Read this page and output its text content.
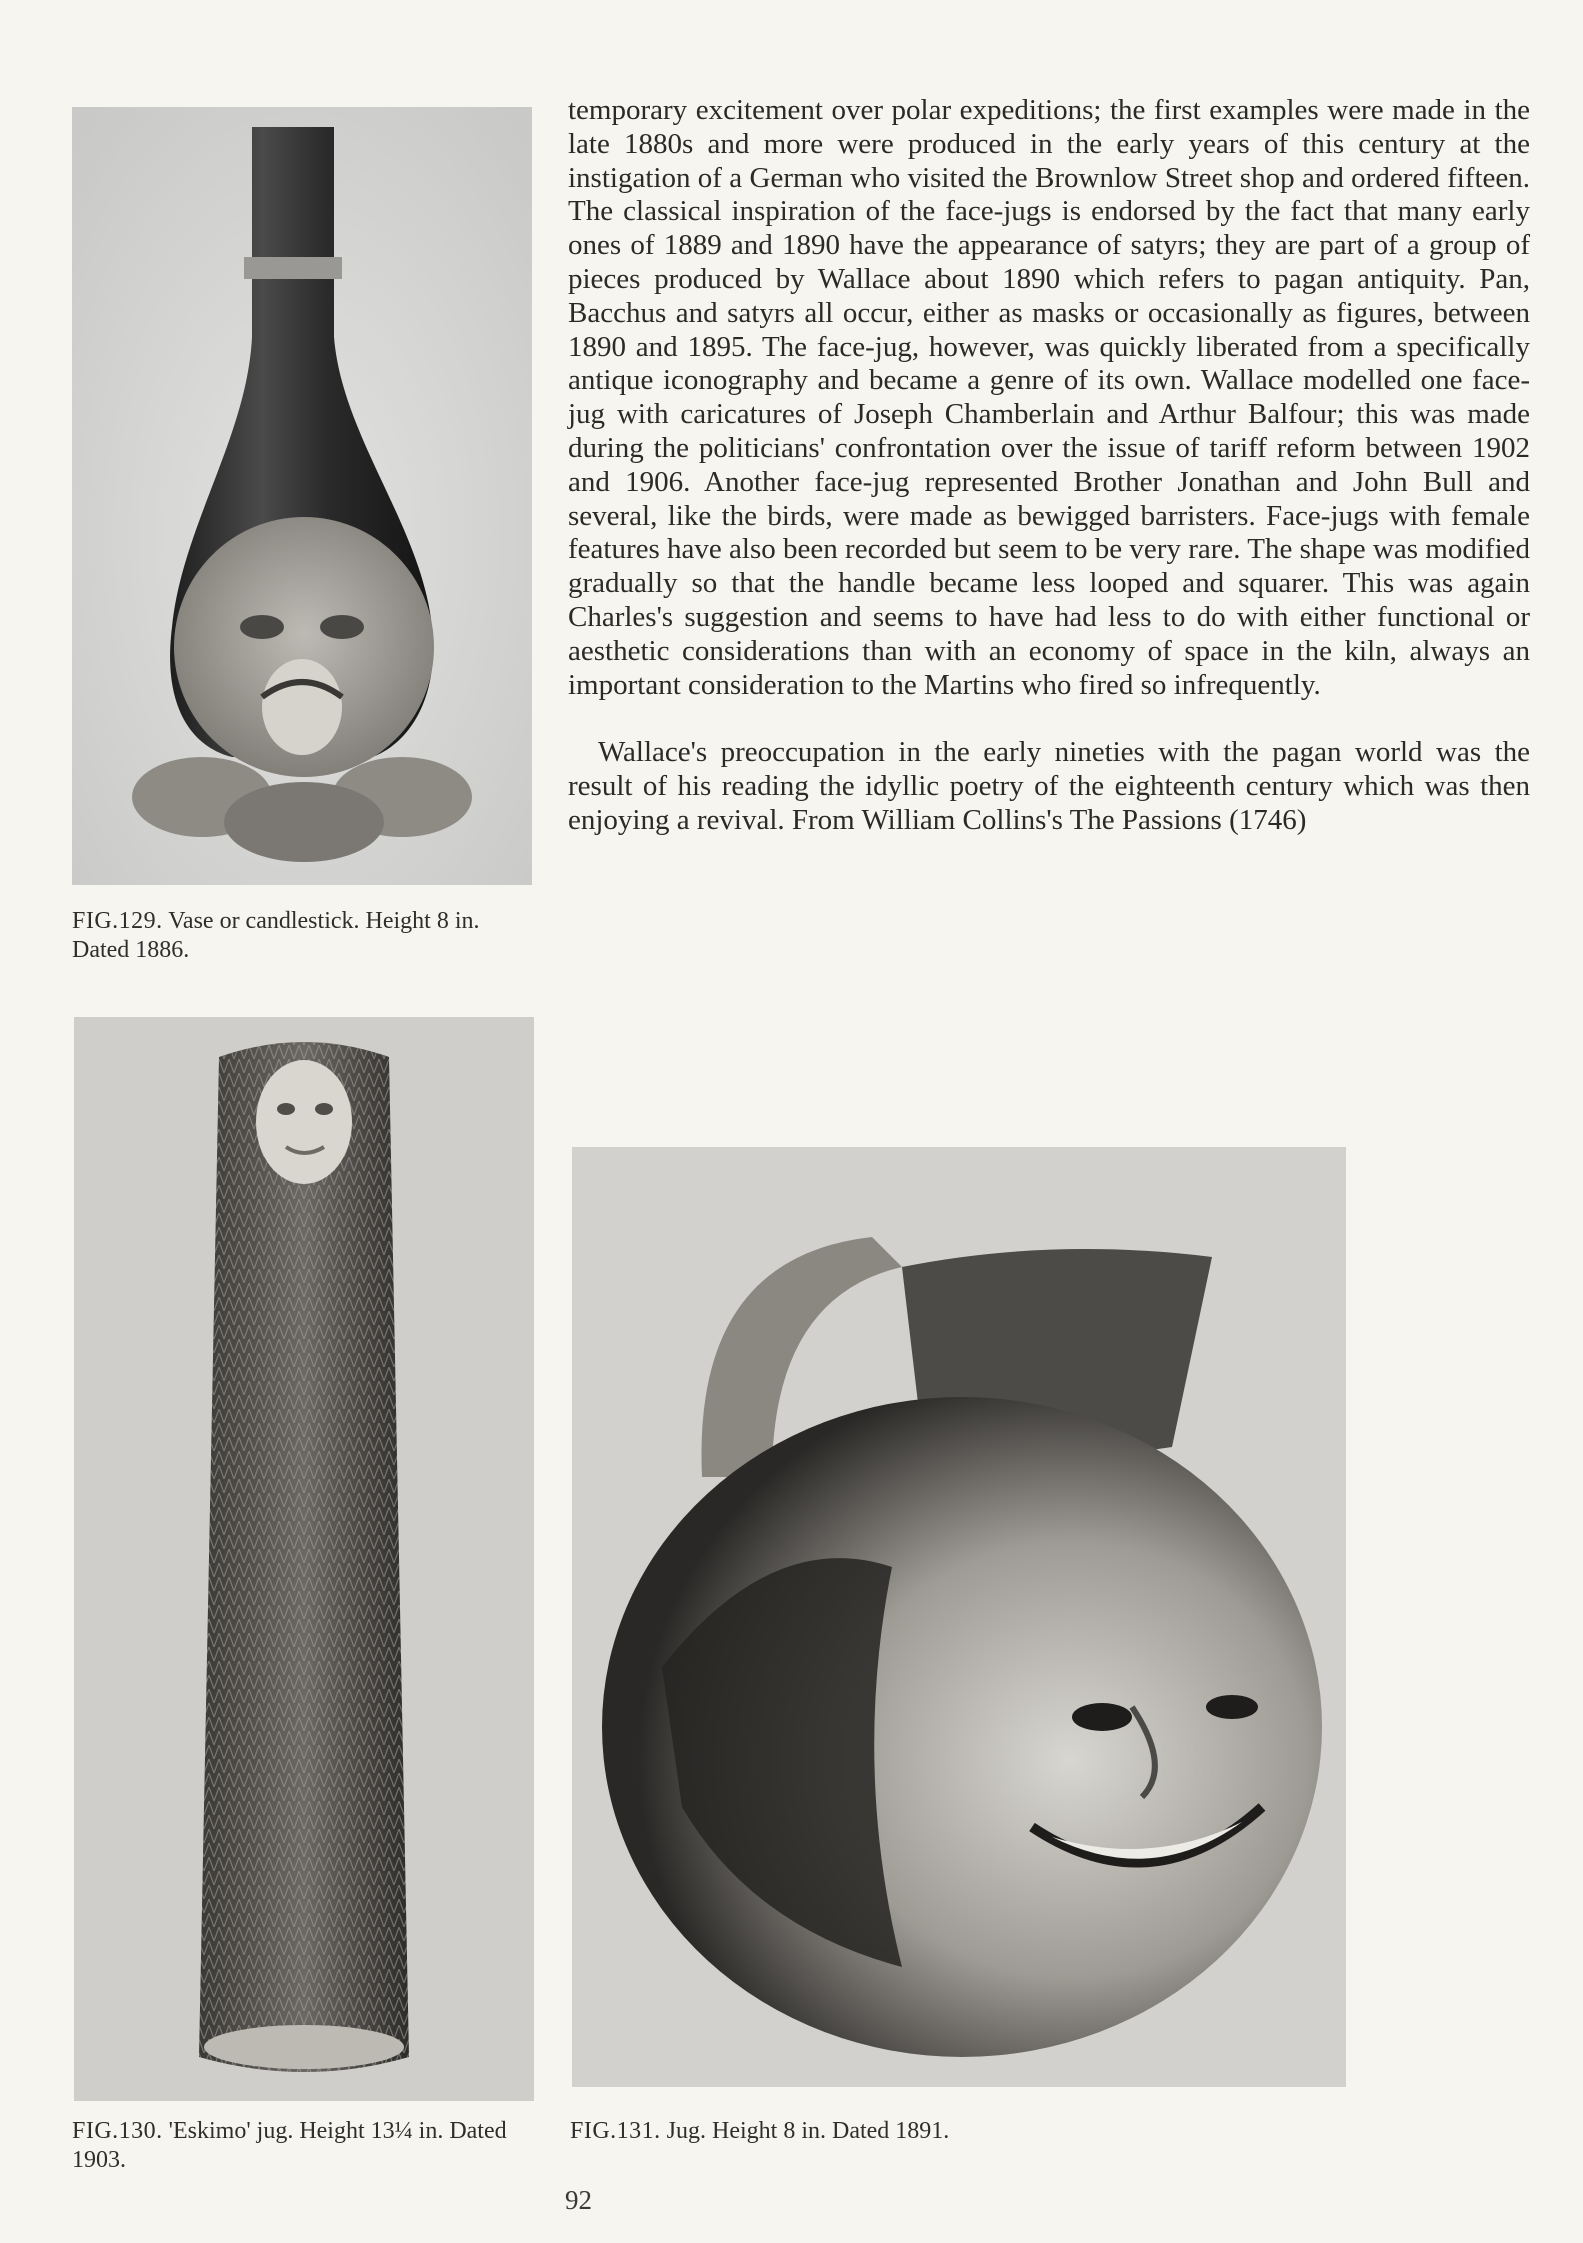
FIG.129. Vase or candlestick. Height 8 in. Dated 1886.
FIG.130. 'Eskimo' jug. Height 13¼ in. Dated 1903.
FIG.131. Jug. Height 8 in. Dated 1891.

temporary excitement over polar expeditions; the first examples were made in the late 1880s and more were produced in the early years of this century at the instigation of a German who visited the Brownlow Street shop and ordered fifteen. The classical inspiration of the face-jugs is endorsed by the fact that many early ones of 1889 and 1890 have the appearance of satyrs; they are part of a group of pieces produced by Wallace about 1890 which refers to pagan antiquity. Pan, Bacchus and satyrs all occur, either as masks or occasionally as figures, between 1890 and 1895. The face-jug, however, was quickly liberated from a specifically antique iconography and became a genre of its own. Wallace modelled one face-jug with caricatures of Joseph Chamberlain and Arthur Balfour; this was made during the politicians' confrontation over the issue of tariff reform between 1902 and 1906. Another face-jug represented Brother Jonathan and John Bull and several, like the birds, were made as bewigged barristers. Face-jugs with female features have also been recorded but seem to be very rare. The shape was modified gradually so that the handle became less looped and squarer. This was again Charles's suggestion and seems to have had less to do with either functional or aesthetic considerations than with an economy of space in the kiln, always an important consideration to the Martins who fired so infrequently.

Wallace's preoccupation in the early nineties with the pagan world was the result of his reading the idyllic poetry of the eighteenth century which was then enjoying a revival. From William Collins's The Passions (1746)

92
